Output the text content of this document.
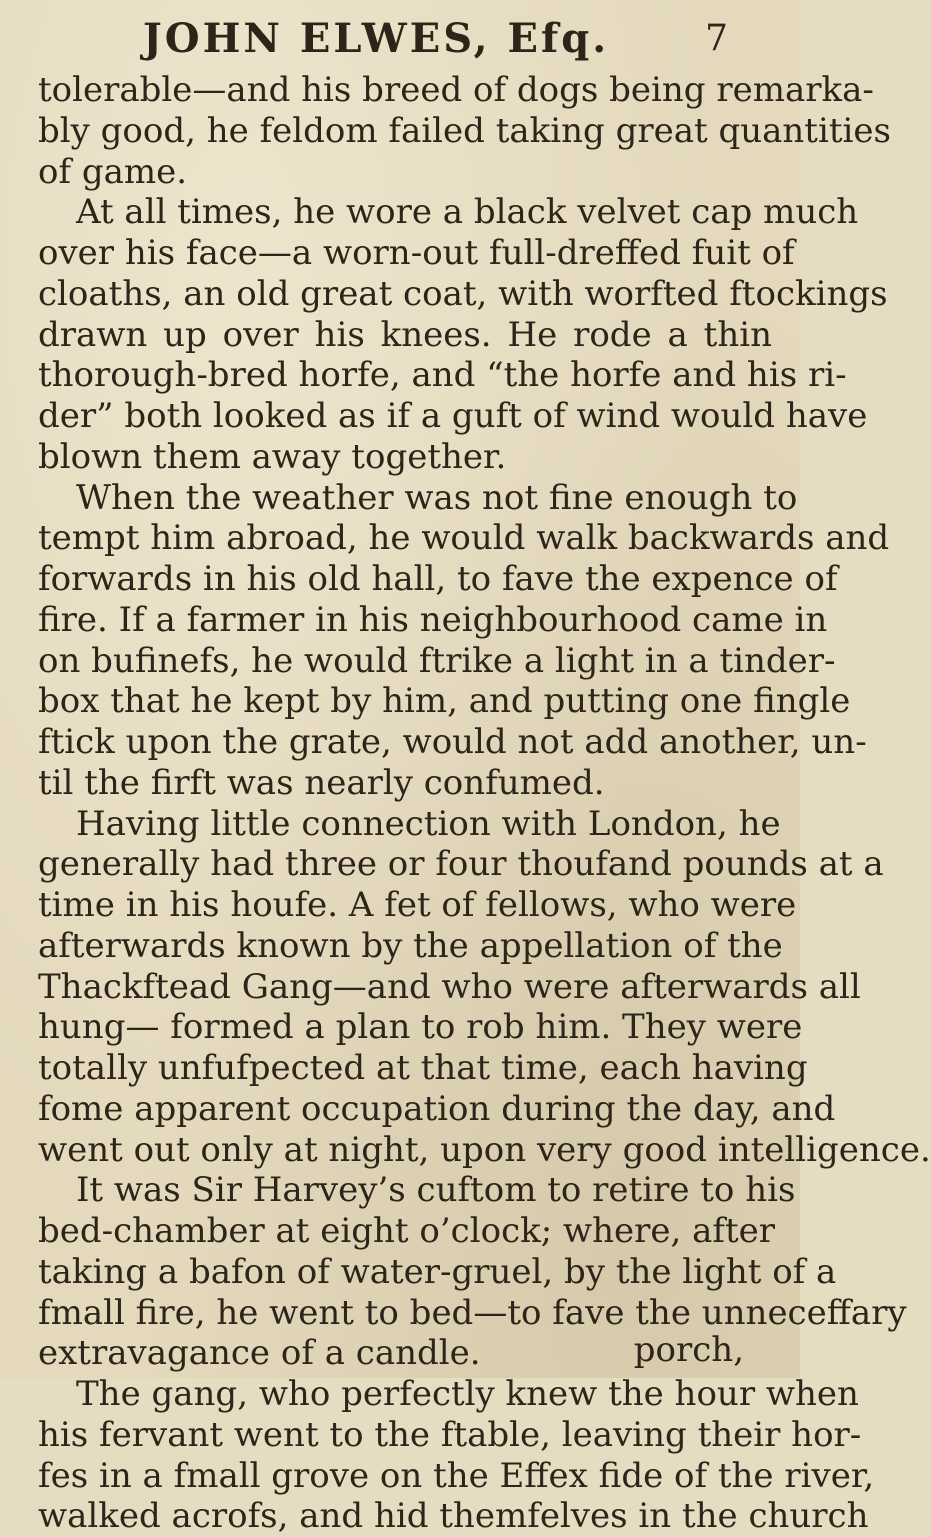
JOHN ELWES, Efq.	7
tolerable—and his breed of dogs being remarka-
bly good, he feldom failed taking great quantities
of game.
At all times, he wore a black velvet cap much
over his face—a worn-out full-dreffed fuit of
cloaths, an old great coat, with worfted ftockings
drawn up over his knees. He rode a thin
thorough-bred horfe, and “the horfe and his ri-
der” both looked as if a guft of wind would have
blown them away together.
When the weather was not fine enough to
tempt him abroad, he would walk backwards and
forwards in his old hall, to fave the expence of
fire. If a farmer in his neighbourhood came in
on bufinefs, he would ftrike a light in a tinder-
box that he kept by him, and putting one fingle
ftick upon the grate, would not add another, un-
til the firft was nearly confumed.
Having little connection with London, he
generally had three or four thoufand pounds at a
time in his houfe. A fet of fellows, who were
afterwards known by the appellation of the
Thackftead Gang—and who were afterwards all
hung— formed a plan to rob him. They were
totally unfufpected at that time, each having
fome apparent occupation during the day, and
went out only at night, upon very good intelligence.
It was Sir Harvey’s cuftom to retire to his
bed-chamber at eight o’clock; where, after
taking a bafon of water-gruel, by the light of a
fmall fire, he went to bed—to fave the unneceffary
extravagance of a candle.
The gang, who perfectly knew the hour when
his fervant went to the ftable, leaving their hor-
fes in a fmall grove on the Effex fide of the river,
walked acrofs, and hid themfelves in the church
porch,
